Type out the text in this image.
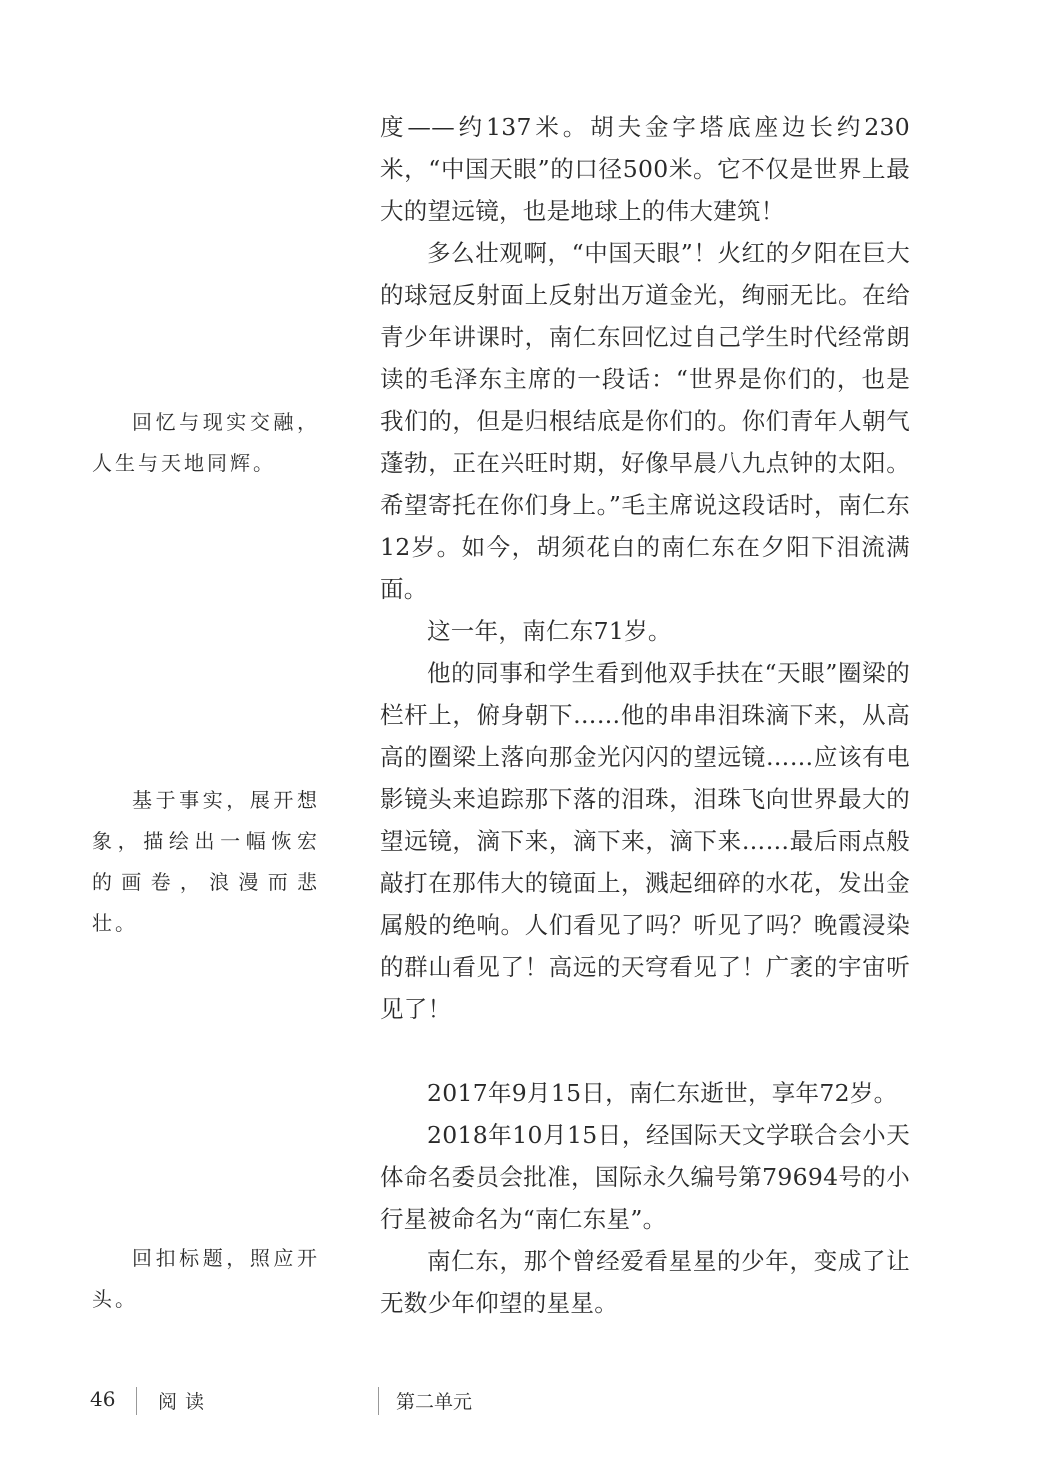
度——约137米。胡夫金字塔底座边长约230米，“中国天眼”的口径500米。它不仅是世界上最大的望远镜，也是地球上的伟大建筑！

多么壮观啊，“中国天眼”！火红的夕阳在巨大的球冠反射面上反射出万道金光，绚丽无比。在给青少年讲课时，南仁东回忆过自己学生时代经常朗读的毛泽东主席的一段话：“世界是你们的，也是我们的，但是归根结底是你们的。你们青年人朝气蓬勃，正在兴旺时期，好像早晨八九点钟的太阳。希望寄托在你们身上。”毛主席说这段话时，南仁东12岁。如今，胡须花白的南仁东在夕阳下泪流满面。

这一年，南仁东71岁。

他的同事和学生看到他双手扶在“天眼”圈梁的栏杆上，俯身朝下……他的串串泪珠滴下来，从高高的圈梁上落向那金光闪闪的望远镜……应该有电影镜头来追踪那下落的泪珠，泪珠飞向世界最大的望远镜，滴下来，滴下来，滴下来……最后雨点般敲打在那伟大的镜面上，溅起细碎的水花，发出金属般的绝响。人们看见了吗？听见了吗？晚霞浸染的群山看见了！高远的天穹看见了！广袤的宇宙听见了！

2017年9月15日，南仁东逝世，享年72岁。

2018年10月15日，经国际天文学联合会小天体命名委员会批准，国际永久编号第79694号的小行星被命名为“南仁东星”。

南仁东，那个曾经爱看星星的少年，变成了让无数少年仰望的星星。

回忆与现实交融，人生与天地同辉。

基于事实，展开想象，描绘出一幅恢宏的画卷，浪漫而悲壮。

回扣标题，照应开头。

46 阅读	第二单元
